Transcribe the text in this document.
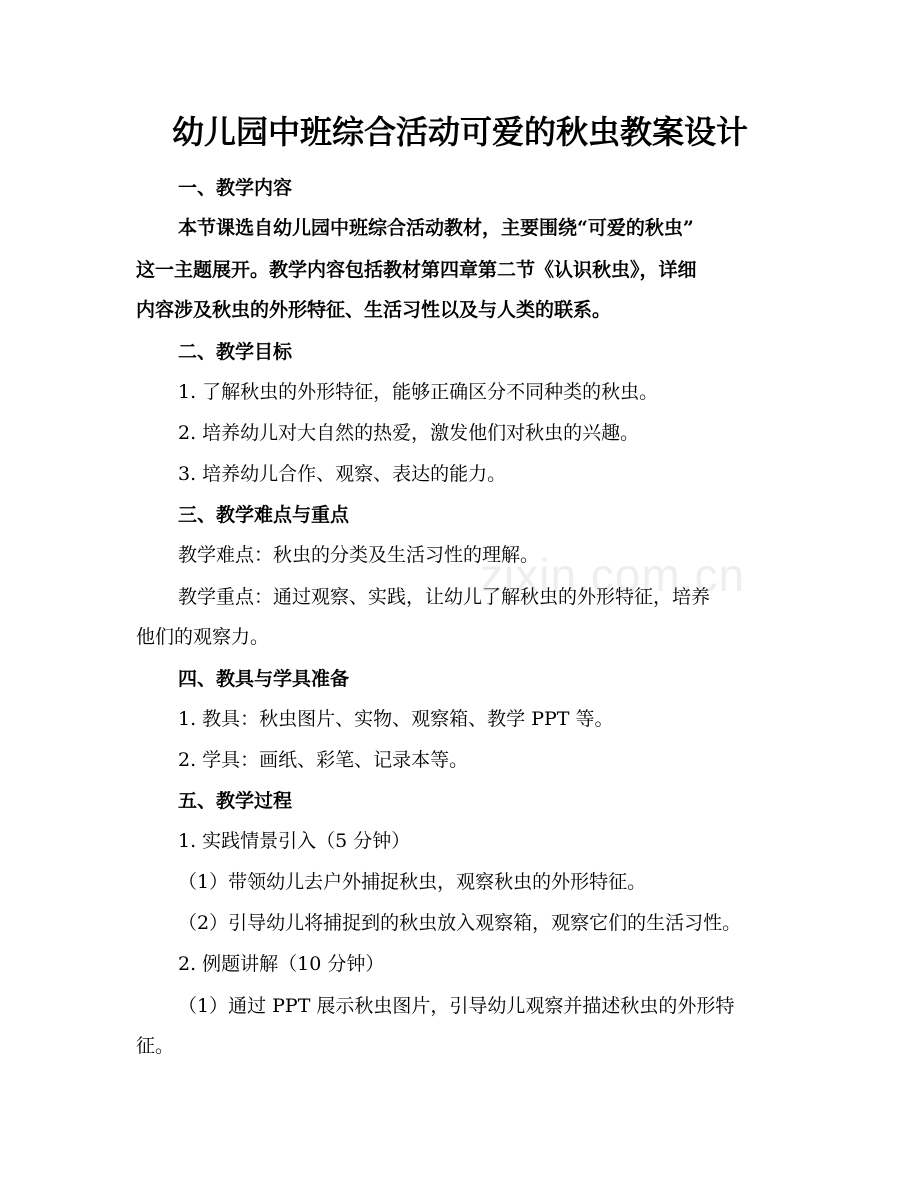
zixin.com.cn
幼儿园中班综合活动可爱的秋虫教案设计
一、教学内容
本节课选自幼儿园中班综合活动教材，主要围绕“可爱的秋虫”
这一主题展开。教学内容包括教材第四章第二节《认识秋虫》，详细
内容涉及秋虫的外形特征、生活习性以及与人类的联系。
二、教学目标
1. 了解秋虫的外形特征，能够正确区分不同种类的秋虫。
2. 培养幼儿对大自然的热爱，激发他们对秋虫的兴趣。
3. 培养幼儿合作、观察、表达的能力。
三、教学难点与重点
教学难点：秋虫的分类及生活习性的理解。
教学重点：通过观察、实践，让幼儿了解秋虫的外形特征，培养
他们的观察力。
四、教具与学具准备
1. 教具：秋虫图片、实物、观察箱、教学 PPT 等。
2. 学具：画纸、彩笔、记录本等。
五、教学过程
1. 实践情景引入（5 分钟）
（1）带领幼儿去户外捕捉秋虫，观察秋虫的外形特征。
（2）引导幼儿将捕捉到的秋虫放入观察箱，观察它们的生活习性。
2. 例题讲解（10 分钟）
（1）通过 PPT 展示秋虫图片，引导幼儿观察并描述秋虫的外形特
征。
